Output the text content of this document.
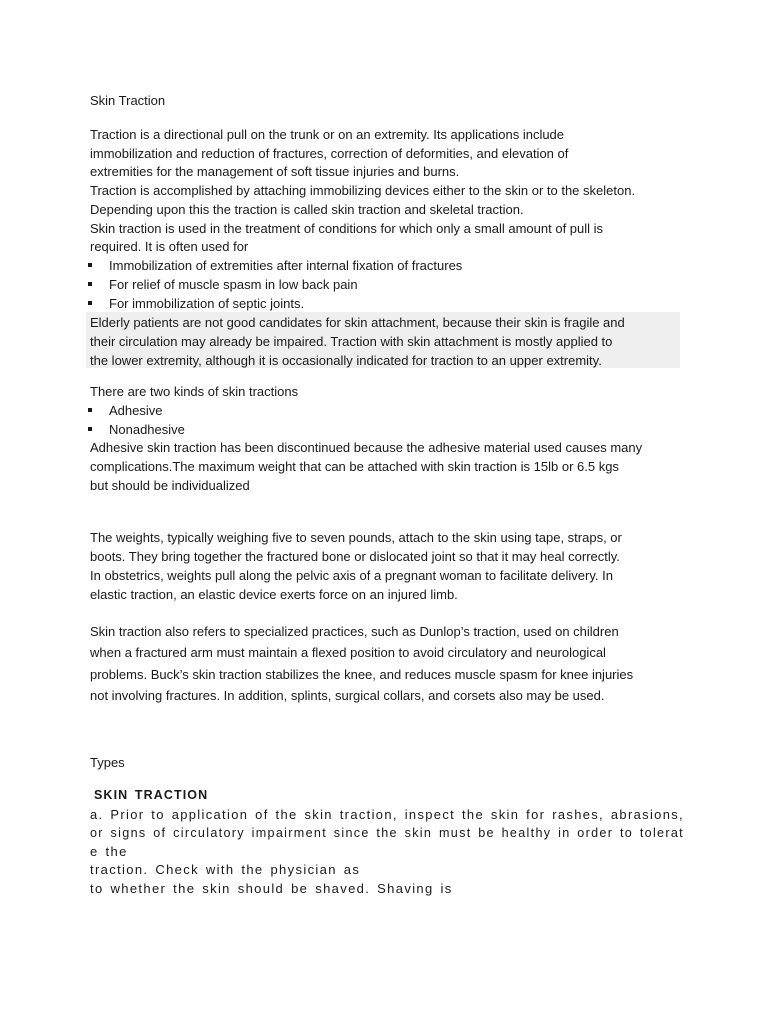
Skin Traction
Traction is a directional pull on the trunk or on an extremity. Its applications include
immobilization and reduction of fractures, correction of deformities, and elevation of
extremities for the management of soft tissue injuries and burns.
Traction is accomplished by attaching immobilizing devices either to the skin or to the skeleton.
Depending upon this the traction is called skin traction and skeletal traction.
Skin traction is used in the treatment of conditions for which only a small amount of pull is
required. It is often used for
Immobilization of extremities after internal fixation of fractures
For relief of muscle spasm in low back pain
For immobilization of septic joints.
Elderly patients are not good candidates for skin attachment, because their skin is fragile and
their circulation may already be impaired. Traction with skin attachment is mostly applied to
the lower extremity, although it is occasionally indicated for traction to an upper extremity.
There are two kinds of skin tractions
Adhesive
Nonadhesive
Adhesive skin traction has been discontinued because the adhesive material used causes many
complications.The maximum weight that can be attached with skin traction is 15lb or 6.5 kgs
but should be individualized
The weights, typically weighing five to seven pounds, attach to the skin using tape, straps, or
boots. They bring together the fractured bone or dislocated joint so that it may heal correctly.
In obstetrics, weights pull along the pelvic axis of a pregnant woman to facilitate delivery. In
elastic traction, an elastic device exerts force on an injured limb.
Skin traction also refers to specialized practices, such as Dunlop’s traction, used on children
when a fractured arm must maintain a flexed position to avoid circulatory and neurological
problems. Buck’s skin traction stabilizes the knee, and reduces muscle spasm for knee injuries
not involving fractures. In addition, splints, surgical collars, and corsets also may be used.
Types
SKIN TRACTION
a. Prior to application of the skin traction, inspect the skin for rashes, abrasions,
or signs of circulatory impairment since the skin must be healthy in order to tolerat
e the
traction. Check with the physician as
to whether the skin should be shaved. Shaving is
